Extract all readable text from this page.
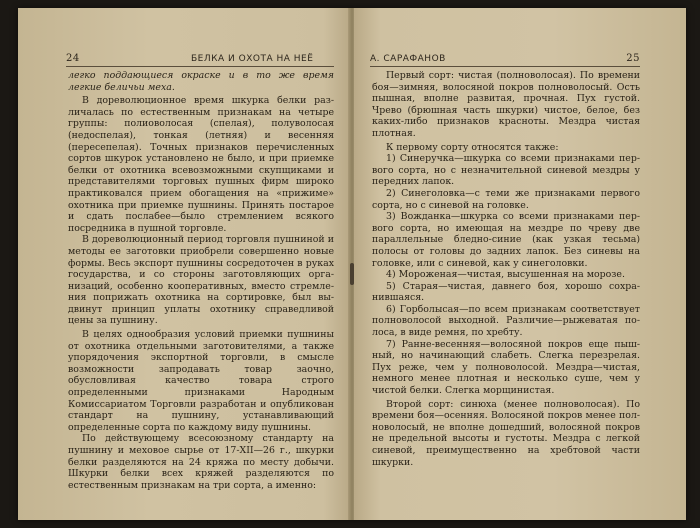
24	БЕЛКА И ОХОТА НА НЕЁ

легко поддающиеся окраске и в то же время легкие беличьи меха.

В дореволюционное время шкурка белки различалась по естественным признакам на четыре группы: полиоволосая (спелая), полуволосая (недоспелая), тонкая (летняя) и весенняя (пересепелая). Точных признаков перечисленных сортов шкурок установлено не было, и при приемке белки от охотника всевозможными скупщиками и представителями торговых пушных фирм широко практиковался прием обогащения на «прижиме» охотника при приемке пушнины. Принять постарое и сдать послабее—было стремлением всякого посредника в пушной торговле.

В дореволюционный период торговля пушниной и методы ее заготовки приобрели совершенно новые формы. Весь экспорт пушнины сосредоточен в руках государства, и со стороны заготовляющих организаций, особенно кооперативных, вместо стремления поприжать охотника на сортировке, был выдвинут принцип уплаты охотнику справедливой цены за пушнину.

В целях однообразия условий приемки пушнины от охотника отдельными заготовителями, а также упорядочения экспортной торговли, в смысле возможности запродавать товар заочно, обусловливая качество товара строго определенными признаками Народным Комиссариатом Торговли разработан и опубликован стандарт на пушнину, устанавливающий определенные сорта по каждому виду пушнины.

По действующему всесоюзному стандарту на пушнину и меховое сырье от 17-XII—26 г., шкурки белки разделяются на 24 кряжа по месту добычи. Шкурки белки всех кряжей разделяются по естественным признакам на три сорта, а именно:

А. САРАФАНОВ	25

Первый сорт: чистая (полноволосая). По времени боя—зимняя, волосяной покров полноволосый. Ость пышная, вполне развитая, прочная. Пух густой. Чрево (брюшная часть шкурки) чистое, белое, без каких-либо признаков краснoты. Мездра чистая плотная.

К первому сорту относятся также:

1) Синеручка—шкурка со всеми признаками первого сорта, но с незначительной синевой мездры у передних лапок.

2) Синеголовка—с теми же признаками первого сорта, но с синевой на головке.

3) Вожданка—шкурка со всеми признаками первого сорта, но имеющая на мездре по чреву две параллельные бледно-синие (как узкая тесьма) полосы от головы до задних лапок. Без синевы на головке, или с синевой, как у синеголовки.

4) Мороженая—чистая, высушенная на морозе.

5) Старая—чистая, давнего боя, хорошо сохранившаяся.

6) Горболысая—по всем признакам соответствует полноволосой выходной. Различие—рыжеватая полоса, в виде ремня, по хребту.

7) Ранне-весенняя—волосяной покров еще пышный, но начинающий слабеть. Слегка перезрелая. Пух реже, чем у полноволосой. Мездра—чистая, немного менее плотная и несколько суше, чем у чистой белки. Слегка морщинистая.

Второй сорт: синюха (менее полноволосая). По времени боя—осенняя. Волосяной покров менее полноволосый, не вполне дошедший, волосяной покров не предельной высоты и густоты. Мездра с легкой синевой, преимущественно на хребтовой части шкурки.
